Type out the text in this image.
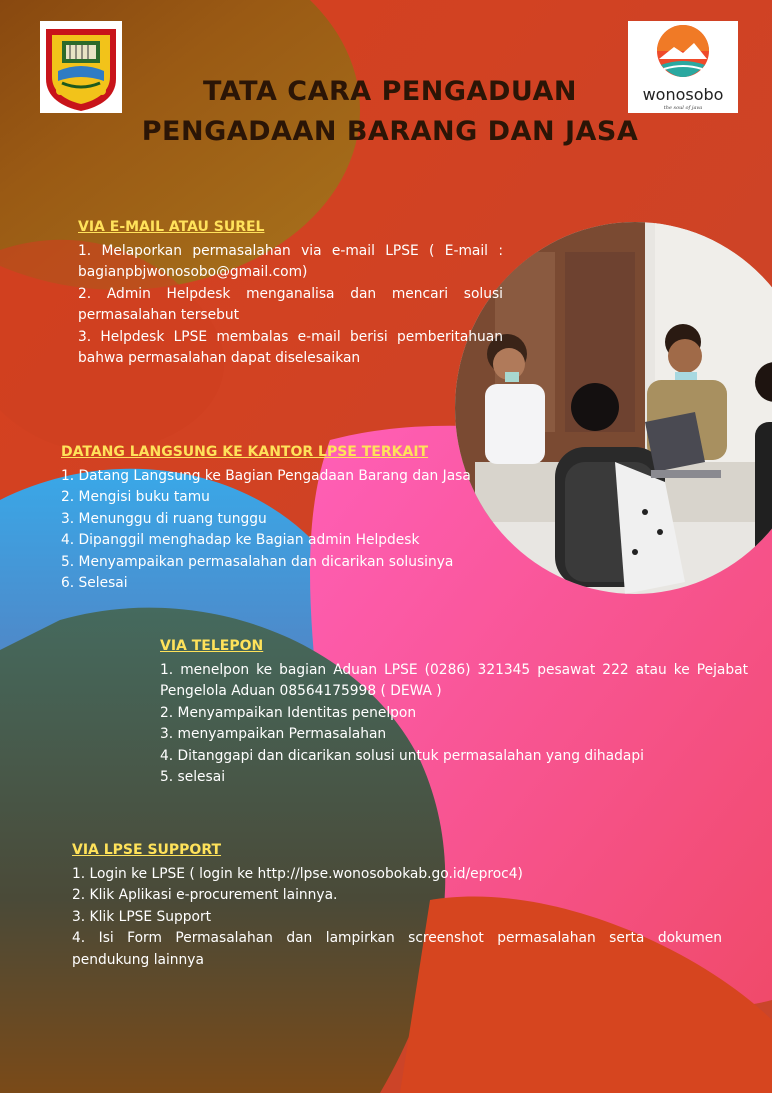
wonosobo
the soul of java
TATA CARA PENGADUAN
PENGADAAN BARANG DAN JASA
VIA E-MAIL ATAU SUREL

1. Melaporkan permasalahan via e-mail LPSE ( E-mail : bagianpbjwonosobo@gmail.com)

2. Admin Helpdesk menganalisa dan mencari solusi permasalahan tersebut

3. Helpdesk LPSE membalas e-mail berisi pemberitahuan bahwa permasalahan dapat diselesaikan

DATANG LANGSUNG KE KANTOR LPSE TERKAIT

1. Datang Langsung ke Bagian Pengadaan Barang dan Jasa

2. Mengisi buku tamu

3. Menunggu di ruang tunggu

4. Dipanggil menghadap ke Bagian admin Helpdesk

5. Menyampaikan permasalahan dan dicarikan solusinya

6. Selesai

VIA TELEPON

1. menelpon ke bagian Aduan LPSE (0286) 321345 pesawat 222 atau ke Pejabat Pengelola Aduan 08564175998 ( DEWA )

2. Menyampaikan Identitas penelpon

3. menyampaikan Permasalahan

4. Ditanggapi dan dicarikan solusi untuk permasalahan yang dihadapi

5. selesai

VIA LPSE SUPPORT

1. Login ke LPSE ( login ke http://lpse.wonosobokab.go.id/eproc4)

2. Klik Aplikasi e-procurement lainnya.

3. Klik LPSE Support

4. Isi Form Permasalahan dan lampirkan screenshot permasalahan serta dokumen pendukung lainnya
